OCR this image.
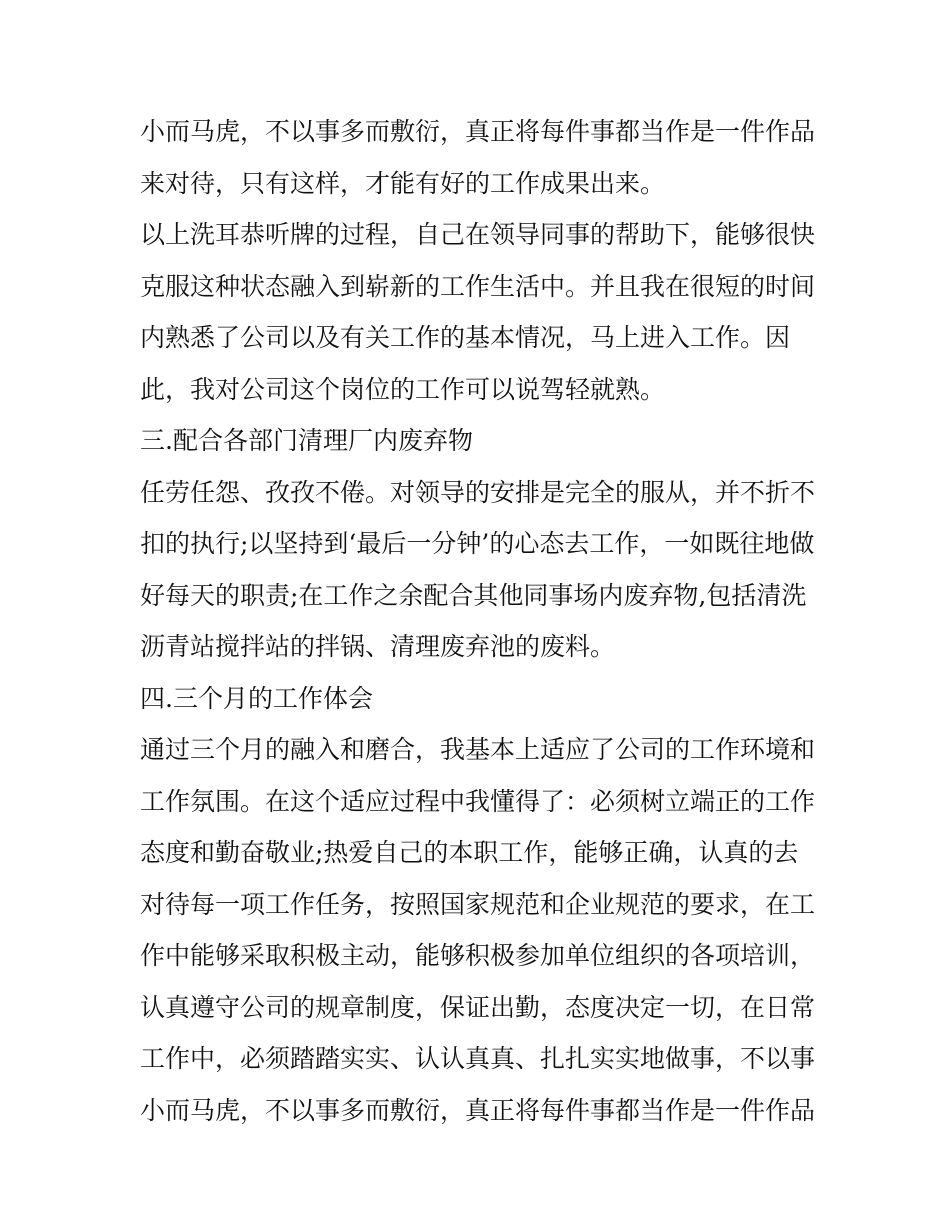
小而马虎，不以事多而敷衍，真正将每件事都当作是一件作品
来对待，只有这样，才能有好的工作成果出来。
以上洗耳恭听牌的过程，自己在领导同事的帮助下，能够很快
克服这种状态融入到崭新的工作生活中。并且我在很短的时间
内熟悉了公司以及有关工作的基本情况，马上进入工作。因
此，我对公司这个岗位的工作可以说驾轻就熟。
三.配合各部门清理厂内废弃物
任劳任怨、孜孜不倦。对领导的安排是完全的服从，并不折不
扣的执行;以坚持到‘最后一分钟’的心态去工作，一如既往地做
好每天的职责;在工作之余配合其他同事场内废弃物,包括清洗
沥青站搅拌站的拌锅、清理废弃池的废料。
四.三个月的工作体会
通过三个月的融入和磨合，我基本上适应了公司的工作环境和
工作氛围。在这个适应过程中我懂得了：必须树立端正的工作
态度和勤奋敬业;热爱自己的本职工作，能够正确，认真的去
对待每一项工作任务，按照国家规范和企业规范的要求，在工
作中能够采取积极主动，能够积极参加单位组织的各项培训，
认真遵守公司的规章制度，保证出勤，态度决定一切，在日常
工作中，必须踏踏实实、认认真真、扎扎实实地做事，不以事
小而马虎，不以事多而敷衍，真正将每件事都当作是一件作品
